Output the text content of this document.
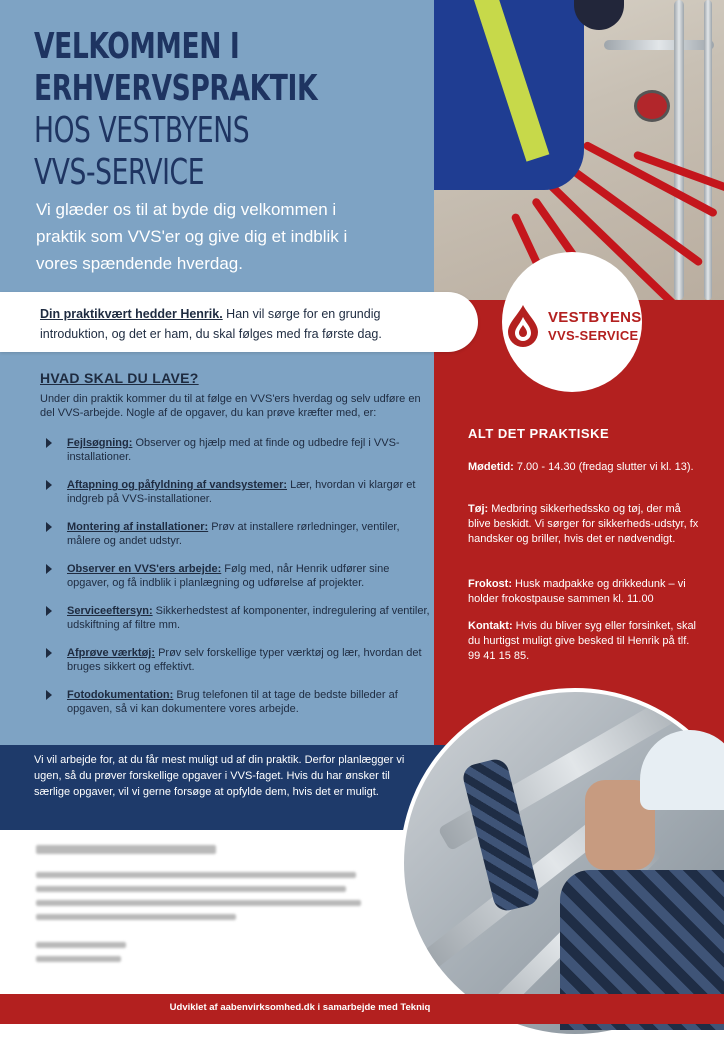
VELKOMMEN I
ERHVERVSPRAKTIK
HOS VESTBYENS
VVS-SERVICE

Vi glæder os til at byde dig velkommen i praktik som VVS'er og give dig et indblik i vores spændende hverdag.

Din praktikvært hedder Henrik. Han vil sørge for en grundig introduktion, og det er ham, du skal følges med fra første dag.

VESTBYENS
VVS-SERVICE
HVAD SKAL DU LAVE?

Under din praktik kommer du til at følge en VVS'ers hverdag og selv udføre en del VVS-arbejde. Nogle af de opgaver, du kan prøve kræfter med, er:

Fejlsøgning: Observer og hjælp med at finde og udbedre fejl i VVS-installationer.
Aftapning og påfyldning af vandsystemer: Lær, hvordan vi klargør et indgreb på VVS-installationer.
Montering af installationer: Prøv at installere rørledninger, ventiler, målere og andet udstyr.
Observer en VVS'ers arbejde: Følg med, når Henrik udfører sine opgaver, og få indblik i planlægning og udførelse af projekter.
Serviceeftersyn: Sikkerhedstest af komponenter, indregulering af ventiler, udskiftning af filtre mm.
Afprøve værktøj: Prøv selv forskellige typer værktøj og lær, hvordan det bruges sikkert og effektivt.
Fotodokumentation: Brug telefonen til at tage de bedste billeder af opgaven, så vi kan dokumentere vores arbejde.
ALT DET PRAKTISKE

Mødetid: 7.00 - 14.30 (fredag slutter vi kl. 13).

Tøj: Medbring sikkerhedssko og tøj, der må blive beskidt. Vi sørger for sikkerheds-udstyr, fx handsker og briller, hvis det er nødvendigt.

Frokost: Husk madpakke og drikkedunk – vi holder frokostpause sammen kl. 11.00

Kontakt: Hvis du bliver syg eller forsinket, skal du hurtigst muligt give besked til Henrik på tlf. 99 41 15 85.

Vi vil arbejde for, at du får mest muligt ud af din praktik. Derfor planlægger vi ugen, så du prøver forskellige opgaver i VVS-faget. Hvis du har ønsker til særlige opgaver, vil vi gerne forsøge at opfylde dem, hvis det er muligt.

Udviklet af aabenvirksomhed.dk i samarbejde med Tekniq
